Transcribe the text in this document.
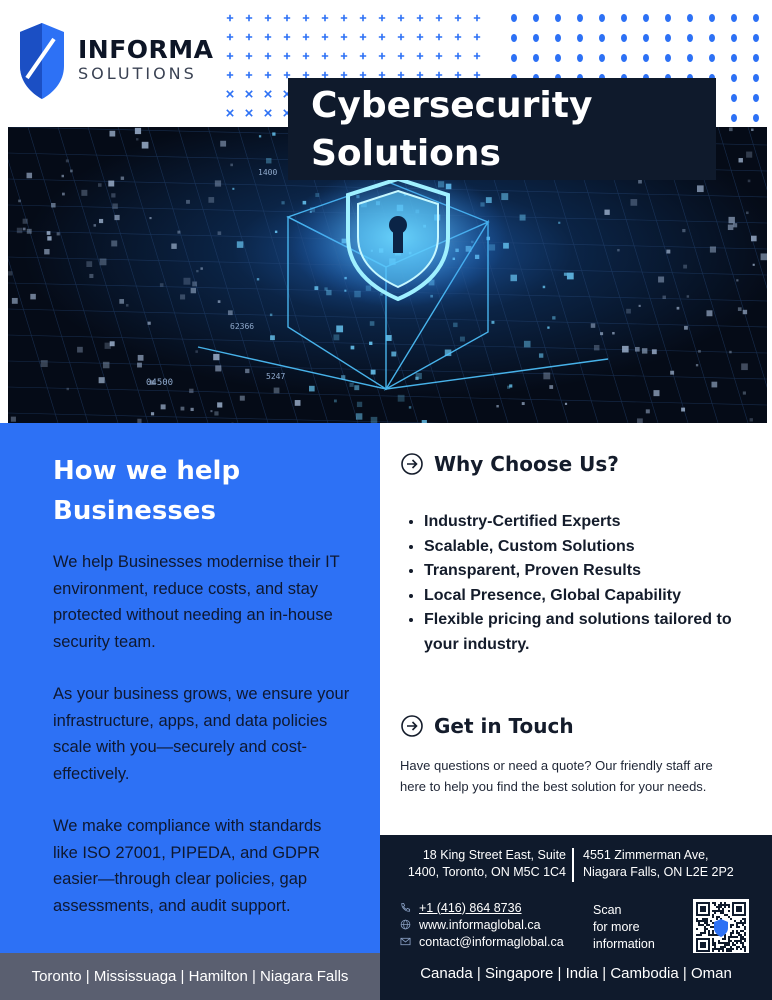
INFORMA
SOLUTIONS
Cybersecurity
Solutions
04500
62366
1400
5247
How we help
Businesses

We help Businesses modernise their IT environment, reduce costs, and stay protected without needing an in-house security team.

As your business grows, we ensure your infrastructure, apps, and data policies scale with you—securely and cost-effectively.

We make compliance with standards like ISO 27001, PIPEDA, and GDPR easier—through clear policies, gap assessments, and audit support.

Toronto | Mississuaga | Hamilton | Niagara Falls
Why Choose Us?
• Industry-Certified Experts
• Scalable, Custom Solutions
• Transparent, Proven Results
• Local Presence, Global Capability
• Flexible pricing and solutions tailored to your industry.
Get in Touch

Have questions or need a quote? Our friendly staff are here to help you find the best solution for your needs.

18 King Street East, Suite
1400, Toronto, ON M5C 1C4
4551 Zimmerman Ave,
Niagara Falls, ON L2E 2P2
+1 (416) 864 8736
www.informaglobal.ca
contact@informaglobal.ca
Scan
for more
information
Canada | Singapore | India | Cambodia | Oman
